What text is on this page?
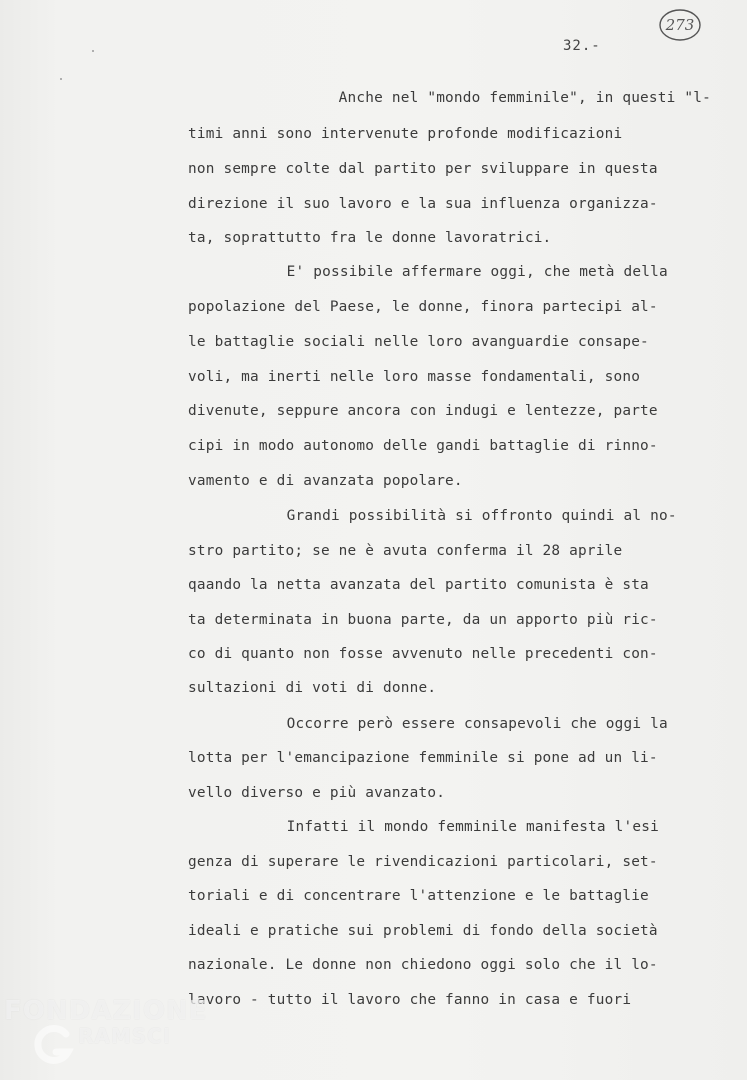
273
32.-
Anche nel "mondo femminile", in questi "l-
timi anni sono intervenute profonde modificazioni
non sempre colte dal partito per sviluppare in questa
direzione il suo lavoro e la sua influenza organizza-
ta, soprattutto fra le donne lavoratrici.
E' possibile affermare oggi, che metà della
popolazione del Paese, le donne, finora partecipi al-
le battaglie sociali nelle loro avanguardie consape-
voli, ma inerti nelle loro masse fondamentali, sono
divenute, seppure ancora con indugi e lentezze, parte
cipi in modo autonomo delle gandi battaglie di rinno-
vamento e di avanzata popolare.
Grandi possibilità si offronto quindi al no-
stro partito; se ne è avuta conferma il 28 aprile
qaando la netta avanzata del partito comunista è sta
ta determinata in buona parte, da un apporto più ric-
co di quanto non fosse avvenuto nelle precedenti con-
sultazioni di voti di donne.
Occorre però essere consapevoli che oggi la
lotta per l'emancipazione femminile si pone ad un li-
vello diverso e più avanzato.
Infatti il mondo femminile manifesta l'esi
genza di superare le rivendicazioni particolari, set-
toriali e di concentrare l'attenzione e le battaglie
ideali e pratiche sui problemi di fondo della società
nazionale. Le donne non chiedono oggi solo che il lo-
lavoro - tutto il lavoro che fanno in casa e fuori
FONDAZIONE
RAMSCI
